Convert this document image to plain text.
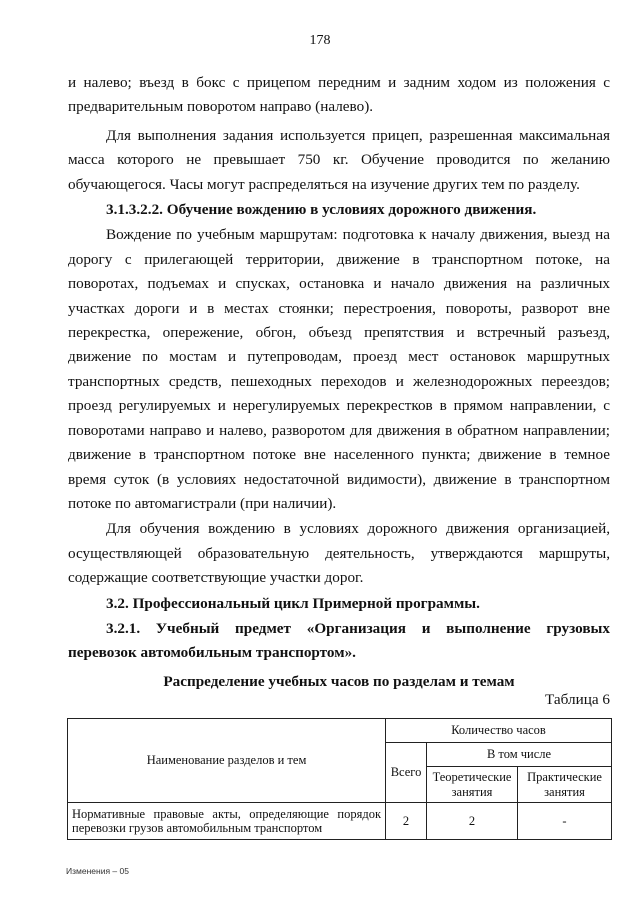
178

и налево; въезд в бокс с прицепом передним и задним ходом из положения с предварительным поворотом направо (налево).

Для выполнения задания используется прицеп, разрешенная максимальная масса которого не превышает 750 кг. Обучение проводится по желанию обучающегося. Часы могут распределяться на изучение других тем по разделу.

3.1.3.2.2. Обучение вождению в условиях дорожного движения.

Вождение по учебным маршрутам: подготовка к началу движения, выезд на дорогу с прилегающей территории, движение в транспортном потоке, на поворотах, подъемах и спусках, остановка и начало движения на различных участках дороги и в местах стоянки; перестроения, повороты, разворот вне перекрестка, опережение, обгон, объезд препятствия и встречный разъезд, движение по мостам и путепроводам, проезд мест остановок маршрутных транспортных средств, пешеходных переходов и железнодорожных переездов; проезд регулируемых и нерегулируемых перекрестков в прямом направлении, с поворотами направо и налево, разворотом для движения в обратном направлении; движение в транспортном потоке вне населенного пункта; движение в темное время суток (в условиях недостаточной видимости), движение в транспортном потоке по автомагистрали (при наличии).

Для обучения вождению в условиях дорожного движения организацией, осуществляющей образовательную деятельность, утверждаются маршруты, содержащие соответствующие участки дорог.

3.2. Профессиональный цикл Примерной программы.

3.2.1. Учебный предмет «Организация и выполнение грузовых перевозок автомобильным транспортом».

Распределение учебных часов по разделам и темам
Таблица 6
Наименование разделов и тем	Количество часов		
	Всего	В том числе	
		Теоретические занятия	Практические занятия
Нормативные правовые акты, определяющие порядок перевозки грузов автомобильным транспортом	2	2	-
Изменения – 05
